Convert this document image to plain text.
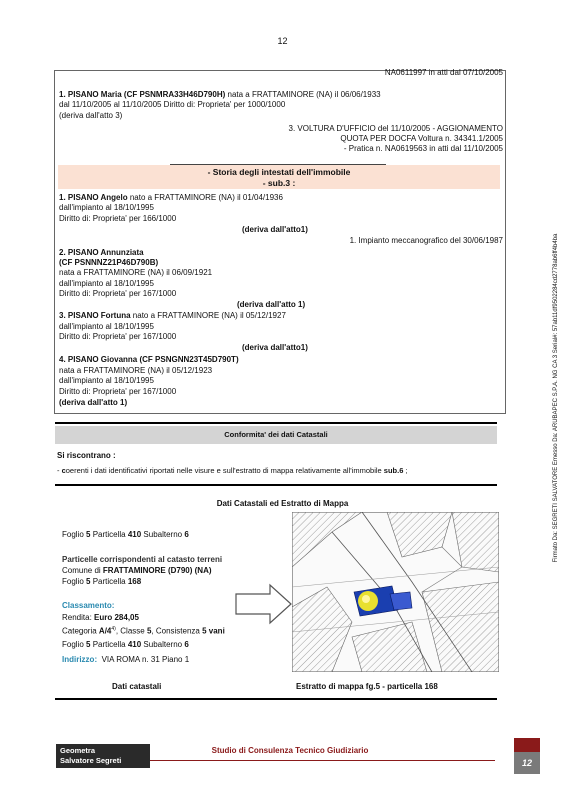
12
NA0611997 in atti dal 07/10/2005
1. PISANO Maria (CF PSNMRA33H46D790H) nata a FRATTAMINORE (NA) il 06/06/1933
dal 11/10/2005 al 11/10/2005 Diritto di: Proprieta' per 1000/1000
(deriva dall'atto 3)
3. VOLTURA D'UFFICIO del 11/10/2005 - AGGIONAMENTO
QUOTA PER DOCFA Voltura n. 34341.1/2005
- Pratica n. NA0619563 in atti dal 11/10/2005
- Storia degli intestati dell'immobile
- sub.3 :
1. PISANO Angelo nato a FRATTAMINORE (NA) il 01/04/1936
dall'impianto al 18/10/1995
Diritto di: Proprieta' per 166/1000
(deriva dall'atto1)
1. Impianto meccanografico del 30/06/1987
2. PISANO Annunziata
(CF PSNNNZ21P46D790B)
nata a FRATTAMINORE (NA) il 06/09/1921
dall'impianto al 18/10/1995
Diritto di: Proprieta' per 167/1000
(deriva dall'atto 1)
3. PISANO Fortuna nato a FRATTAMINORE (NA) il 05/12/1927
dall'impianto al 18/10/1995
Diritto di: Proprieta' per 167/1000
(deriva dall'atto1)
4. PISANO Giovanna (CF PSNGNN23T45D790T)
nata a FRATTAMINORE (NA) il 05/12/1923
dall'impianto al 18/10/1995
Diritto di: Proprieta' per 167/1000
(deriva dall'atto 1)
Conformita' dei dati Catastali
Si riscontrano :
- coerenti i dati identificativi riportati nelle visure e sull'estratto di mappa relativamente all'immobile sub.6 ;
Dati Catastali ed Estratto di Mappa
Foglio 5 Particella 410 Subalterno 6
Particelle corrispondenti al catasto terreni
Comune di FRATTAMINORE (D790) (NA)
Foglio 5 Particella 168
Classamento:
Rendita: Euro 284,05
Categoria A/4$^{4)}$, Classe 5, Consistenza 5 vani
Foglio 5 Particella 410 Subalterno 6
Indirizzo: VIA ROMA n. 31 Piano 1
Dati catastali	Estratto di mappa fg.5 - particella 168
Geometra
Salvatore Segreti
Studio di Consulenza Tecnico Giudiziario
12
Firmato Da: SEGRETI SALVATORE Emesso Da: ARUBAPEC S.P.A. NG CA 3 Serial#: 57ab11df9502284cd2778ab6ff4b4ba
